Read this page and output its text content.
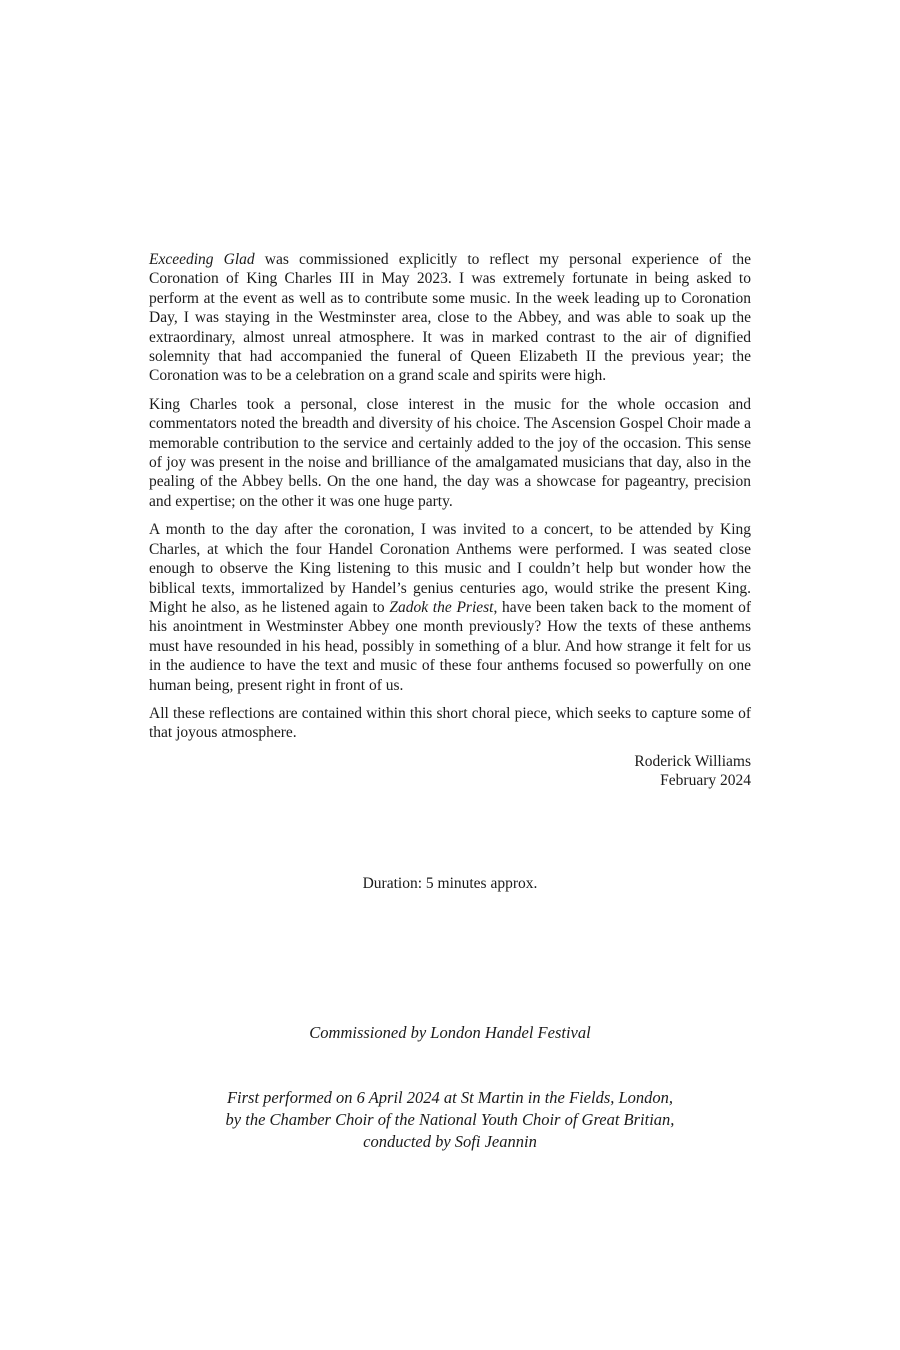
Exceeding Glad was commissioned explicitly to reflect my personal experience of the Coronation of King Charles III in May 2023. I was extremely fortunate in being asked to perform at the event as well as to contribute some music. In the week leading up to Coronation Day, I was staying in the Westminster area, close to the Abbey, and was able to soak up the extraordinary, almost unreal atmosphere. It was in marked contrast to the air of dignified solemnity that had accompanied the funeral of Queen Elizabeth II the previous year; the Coronation was to be a celebration on a grand scale and spirits were high.

King Charles took a personal, close interest in the music for the whole occasion and commentators noted the breadth and diversity of his choice. The Ascension Gospel Choir made a memorable contribution to the service and certainly added to the joy of the occasion. This sense of joy was present in the noise and brilliance of the amalgamated musicians that day, also in the pealing of the Abbey bells. On the one hand, the day was a showcase for pageantry, precision and expertise; on the other it was one huge party.

A month to the day after the coronation, I was invited to a concert, to be attended by King Charles, at which the four Handel Coronation Anthems were performed. I was seated close enough to observe the King listening to this music and I couldn’t help but wonder how the biblical texts, immortalized by Handel’s genius centuries ago, would strike the present King. Might he also, as he listened again to Zadok the Priest, have been taken back to the moment of his anointment in Westminster Abbey one month previously? How the texts of these anthems must have resounded in his head, possibly in something of a blur. And how strange it felt for us in the audience to have the text and music of these four anthems focused so powerfully on one human being, present right in front of us.

All these reflections are contained within this short choral piece, which seeks to capture some of that joyous atmosphere.

Roderick Williams
February 2024
Duration: 5 minutes approx.
Commissioned by London Handel Festival
First performed on 6 April 2024 at St Martin in the Fields, London,
by the Chamber Choir of the National Youth Choir of Great Britian,
conducted by Sofi Jeannin
